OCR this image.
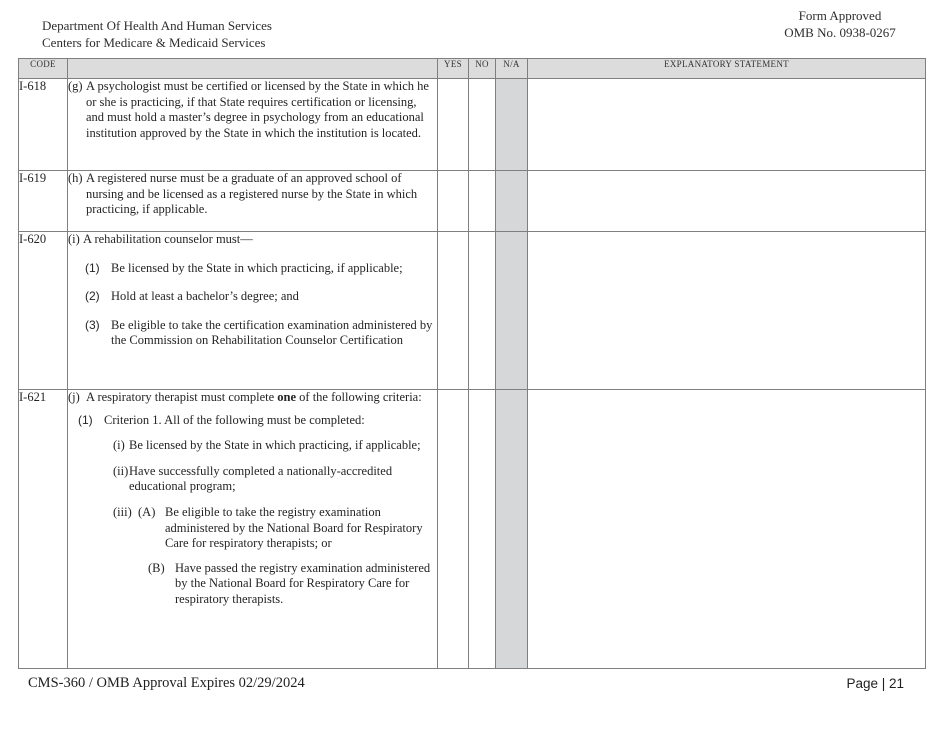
Department Of Health And Human Services
Centers for Medicare & Medicaid Services
Form Approved
OMB No. 0938-0267
CODE		YES	NO	N/A	EXPLANATORY STATEMENT
I-618	(g) A psychologist must be certified or licensed by the State in which he or she is practicing, if that State requires certification or licensing, and must hold a master’s degree in psychology from an educational institution approved by the State in which the institution is located.				

I-619	(h) A registered nurse must be a graduate of an approved school of nursing and be licensed as a registered nurse by the State in which practicing, if applicable.				

I-620	(i) A rehabilitation counselor must—
(1) Be licensed by the State in which practicing, if applicable;
(2) Hold at least a bachelor’s degree; and
(3) Be eligible to take the certification examination administered by the Commission on Rehabilitation Counselor Certification

I-621	(j) A respiratory therapist must complete one of the following criteria:
(1) Criterion 1. All of the following must be completed:
(i) Be licensed by the State in which practicing, if applicable;
(ii) Have successfully completed a nationally-accredited educational program;
(iii) (A) Be eligible to take the registry examination administered by the National Board for Respiratory Care for respiratory therapists; or
(B) Have passed the registry examination administered by the National Board for Respiratory Care for respiratory therapists.

CMS-360 / OMB Approval Expires 02/29/2024	Page | 21
